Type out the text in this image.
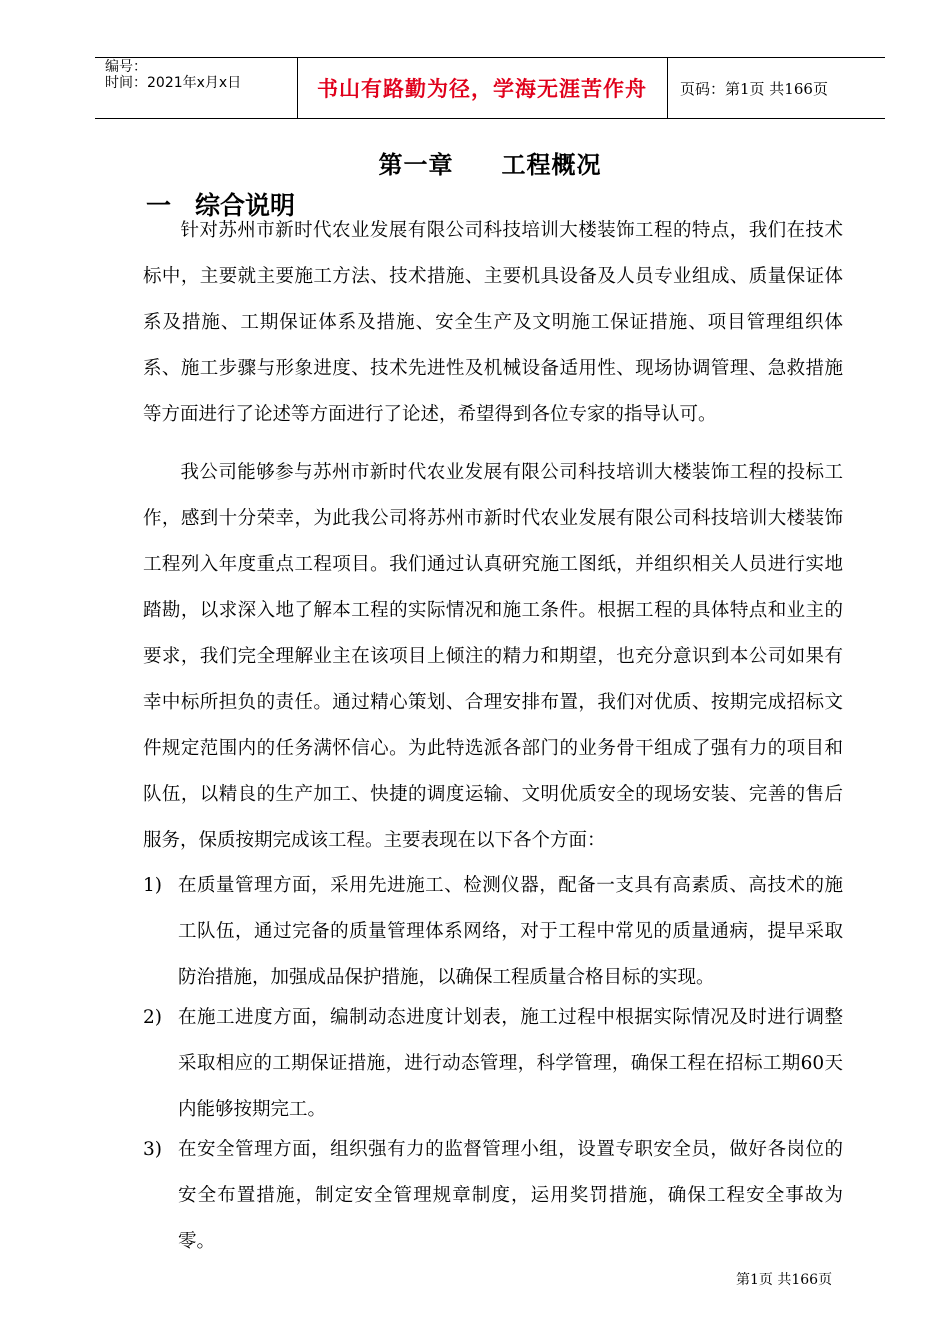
编号：
时间：2021年x月x日	书山有路勤为径，学海无涯苦作舟	页码：第1页 共166页
第一章 工程概况
一 综合说明
针对苏州市新时代农业发展有限公司科技培训大楼装饰工程的特点，我们在技术标中，主要就主要施工方法、技术措施、主要机具设备及人员专业组成、质量保证体系及措施、工期保证体系及措施、安全生产及文明施工保证措施、项目管理组织体系、施工步骤与形象进度、技术先进性及机械设备适用性、现场协调管理、急救措施等方面进行了论述等方面进行了论述，希望得到各位专家的指导认可。
我公司能够参与苏州市新时代农业发展有限公司科技培训大楼装饰工程的投标工作，感到十分荣幸，为此我公司将苏州市新时代农业发展有限公司科技培训大楼装饰工程列入年度重点工程项目。我们通过认真研究施工图纸，并组织相关人员进行实地踏勘，以求深入地了解本工程的实际情况和施工条件。根据工程的具体特点和业主的要求，我们完全理解业主在该项目上倾注的精力和期望，也充分意识到本公司如果有幸中标所担负的责任。通过精心策划、合理安排布置，我们对优质、按期完成招标文件规定范围内的任务满怀信心。为此特选派各部门的业务骨干组成了强有力的项目和队伍，以精良的生产加工、快捷的调度运输、文明优质安全的现场安装、完善的售后服务，保质按期完成该工程。主要表现在以下各个方面：
1) 在质量管理方面，采用先进施工、检测仪器，配备一支具有高素质、高技术的施工队伍，通过完备的质量管理体系网络，对于工程中常见的质量通病，提早采取防治措施，加强成品保护措施，以确保工程质量合格目标的实现。
2) 在施工进度方面，编制动态进度计划表，施工过程中根据实际情况及时进行调整采取相应的工期保证措施，进行动态管理，科学管理，确保工程在招标工期60天内能够按期完工。
3) 在安全管理方面，组织强有力的监督管理小组，设置专职安全员，做好各岗位的安全布置措施，制定安全管理规章制度，运用奖罚措施，确保工程安全事故为零。
第1页 共166页
